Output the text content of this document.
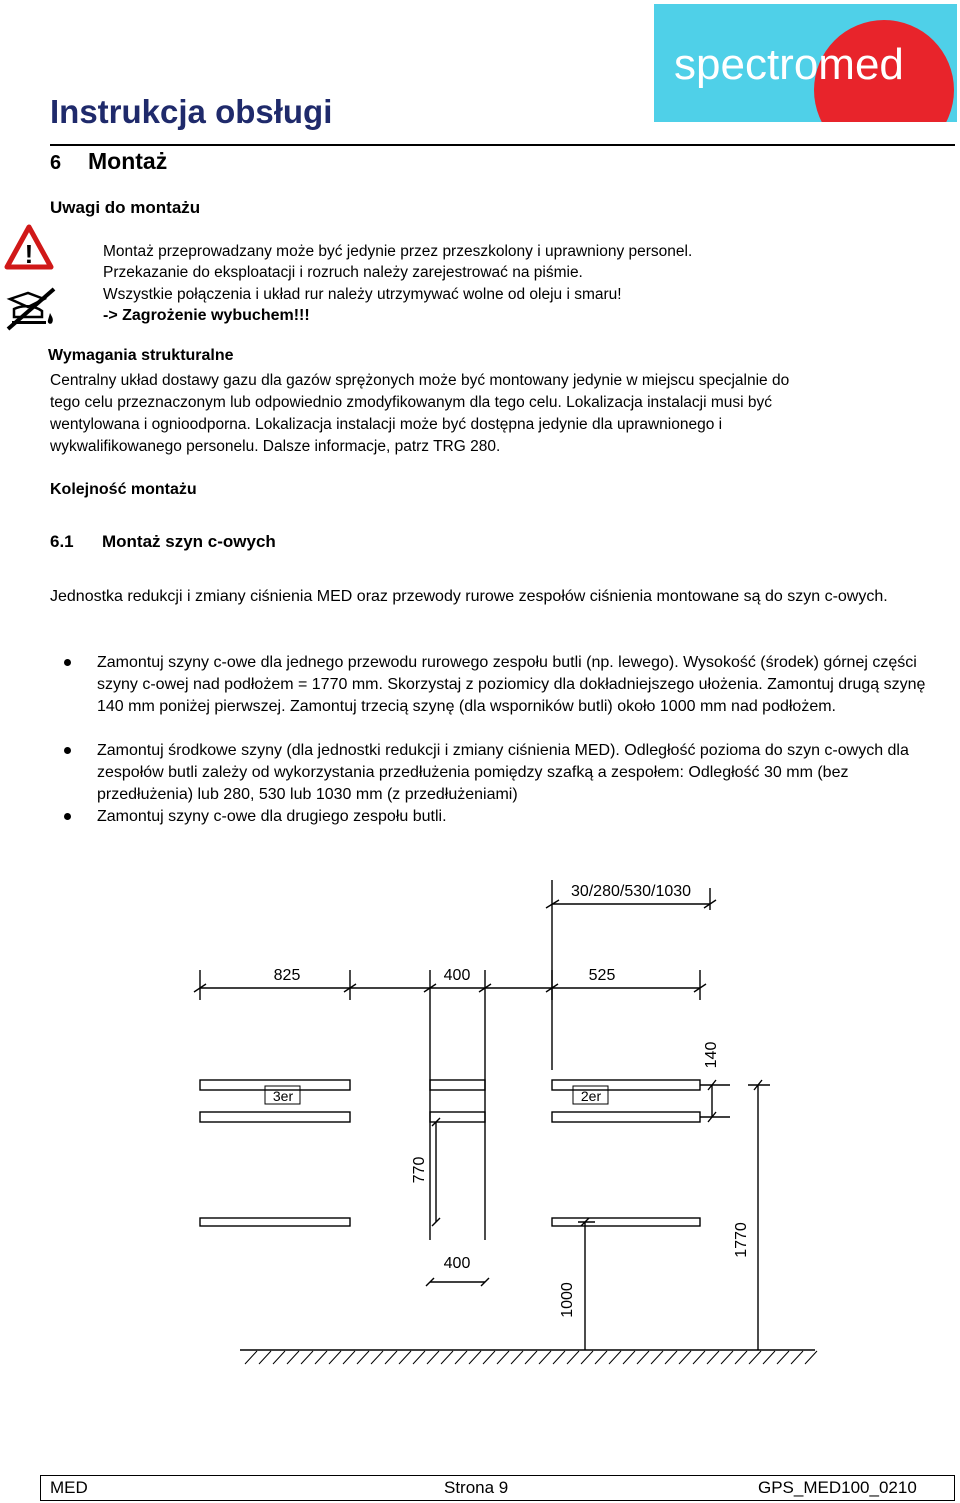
Instrukcja obsługi
spectromed
6 Montaż
Uwagi do montażu
!	Montaż przeprowadzany może być jedynie przez przeszkolony i uprawniony personel.
Przekazanie do eksploatacji i rozruch należy zarejestrować na piśmie.
Wszystkie połączenia i układ rur należy utrzymywać wolne od oleju i smaru!
-> Zagrożenie wybuchem!!!
Wymagania strukturalne
Centralny układ dostawy gazu dla gazów sprężonych może być montowany jedynie w miejscu specjalnie do
tego celu przeznaczonym lub odpowiednio zmodyfikowanym dla tego celu. Lokalizacja instalacji musi być
wentylowana i ognioodporna. Lokalizacja instalacji może być dostępna jedynie dla uprawnionego i
wykwalifikowanego personelu. Dalsze informacje, patrz TRG 280.
Kolejność montażu
6.1 Montaż szyn c-owych
Jednostka redukcji i zmiany ciśnienia MED oraz przewody rurowe zespołów ciśnienia montowane są do szyn c-owych.
Zamontuj szyny c-owe dla jednego przewodu rurowego zespołu butli (np. lewego). Wysokość (środek) górnej części szyny c-owej nad podłożem = 1770 mm. Skorzystaj z poziomicy dla dokładniejszego ułożenia. Zamontuj drugą szynę 140 mm poniżej pierwszej. Zamontuj trzecią szynę (dla wsporników butli) około 1000 mm nad podłożem.
Zamontuj środkowe szyny (dla jednostki redukcji i zmiany ciśnienia MED). Odległość pozioma do szyn c-owych dla zespołów butli zależy od wykorzystania przedłużenia pomiędzy szafką a zespołem: Odległość 30 mm (bez przedłużenia) lub 280, 530 lub 1030 mm (z przedłużeniami)
Zamontuj szyny c-owe dla drugiego zespołu butli.
30/280/530/1030
825	400	525
3er	2er
140
770
1770
400
1000
MED	Strona 9	GPS_MED100_0210
